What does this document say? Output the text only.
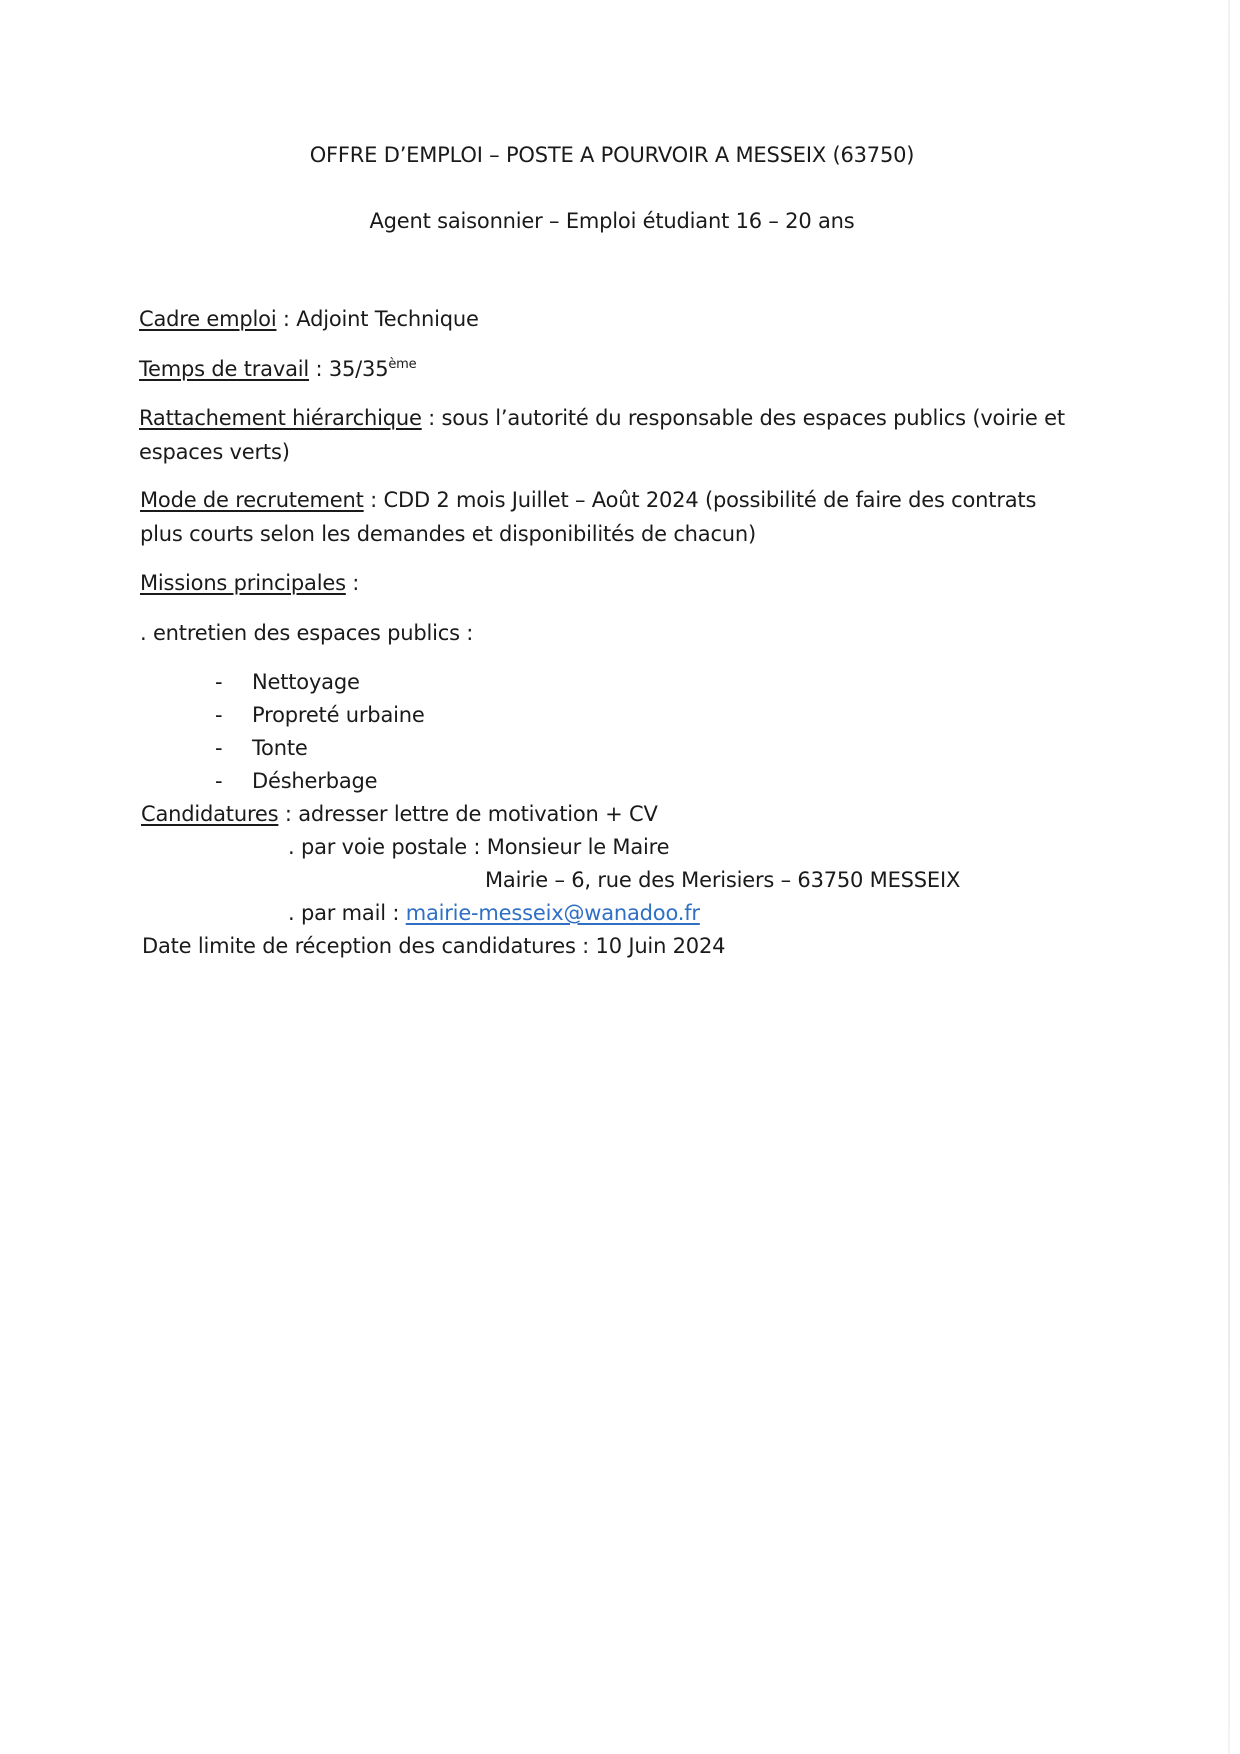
OFFRE D’EMPLOI – POSTE A POURVOIR A MESSEIX (63750)
Agent saisonnier – Emploi étudiant 16 – 20 ans
Cadre emploi : Adjoint Technique
Temps de travail : 35/35ème
Rattachement hiérarchique : sous l’autorité du responsable des espaces publics (voirie et
espaces verts)
Mode de recrutement : CDD 2 mois Juillet – Août 2024 (possibilité de faire des contrats
plus courts selon les demandes et disponibilités de chacun)
Missions principales :
. entretien des espaces publics :
- Nettoyage
- Propreté urbaine
- Tonte
- Désherbage
Candidatures : adresser lettre de motivation + CV
. par voie postale : Monsieur le Maire
Mairie – 6, rue des Merisiers – 63750 MESSEIX
. par mail : mairie-messeix@wanadoo.fr
Date limite de réception des candidatures : 10 Juin 2024
